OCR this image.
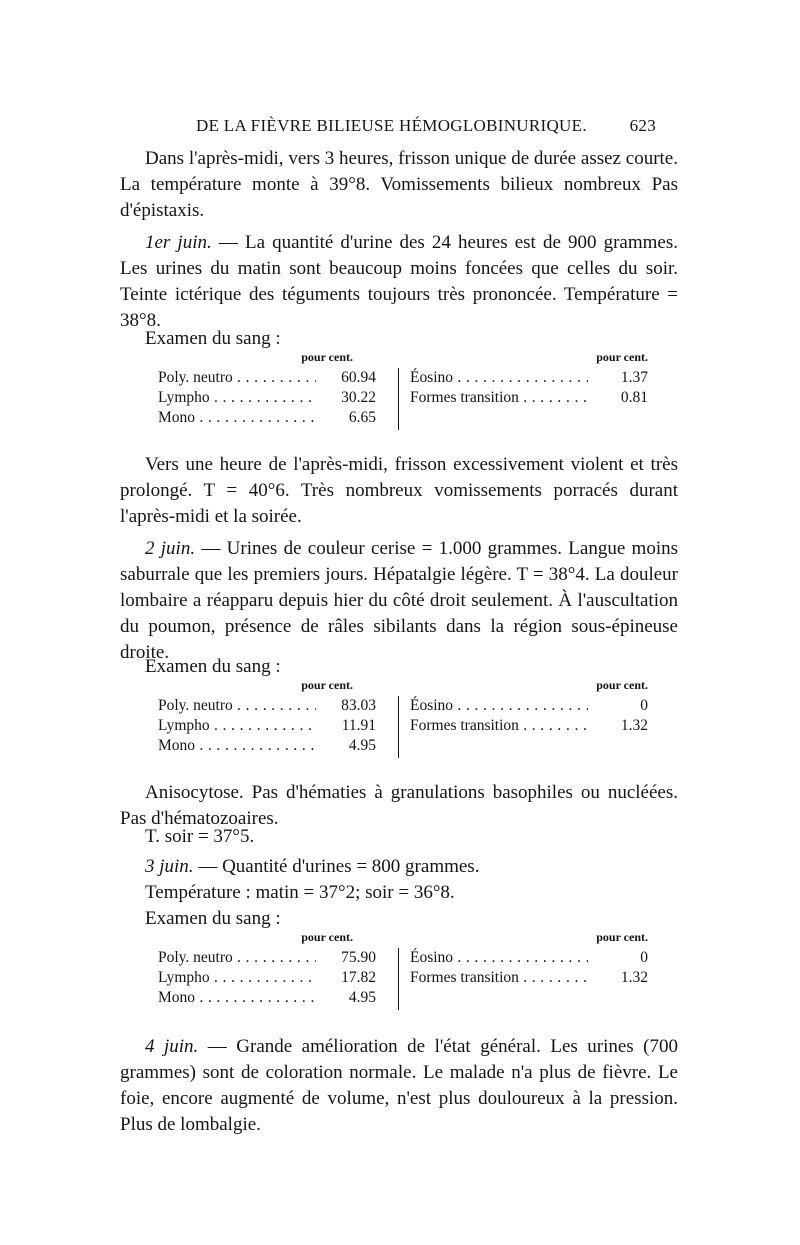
DE LA FIÈVRE BILIEUSE HÉMOGLOBINURIQUE.	623
Dans l'après-midi, vers 3 heures, frisson unique de durée assez courte. La température monte à 39°8. Vomissements bilieux nombreux Pas d'épistaxis.
1er juin. — La quantité d'urine des 24 heures est de 900 grammes. Les urines du matin sont beaucoup moins foncées que celles du soir. Teinte ictérique des téguments toujours très prononcée. Température = 38°8.
Examen du sang :
pour cent.	pour cent.
Poly. neutro . . .	60.94
Lympho . . .	30.22
Mono . . .	6.65
Éosino . . .	1.37
Formes transition . . .	0.81
Vers une heure de l'après-midi, frisson excessivement violent et très prolongé. T = 40°6. Très nombreux vomissements porracés durant l'après-midi et la soirée.
2 juin. — Urines de couleur cerise = 1.000 grammes. Langue moins saburrale que les premiers jours. Hépatalgie légère. T = 38°4. La douleur lombaire a réapparu depuis hier du côté droit seulement. À l'auscultation du poumon, présence de râles sibilants dans la région sous-épineuse droite.
Examen du sang :
pour cent.	pour cent.
Poly. neutro . . .	83.03
Lympho . . .	11.91
Mono . . .	4.95
Éosino . . .	0
Formes transition . . .	1.32
Anisocytose. Pas d'hématies à granulations basophiles ou nucléées. Pas d'hématozoaires.
T. soir = 37°5.
3 juin. — Quantité d'urines = 800 grammes.
Température : matin = 37°2; soir = 36°8.
Examen du sang :
pour cent.	pour cent.
Poly. neutro . . .	75.90
Lympho . . .	17.82
Mono . . .	4.95
Éosino . . .	0
Formes transition . . .	1.32
4 juin. — Grande amélioration de l'état général. Les urines (700 grammes) sont de coloration normale. Le malade n'a plus de fièvre. Le foie, encore augmenté de volume, n'est plus douloureux à la pression. Plus de lombalgie.
